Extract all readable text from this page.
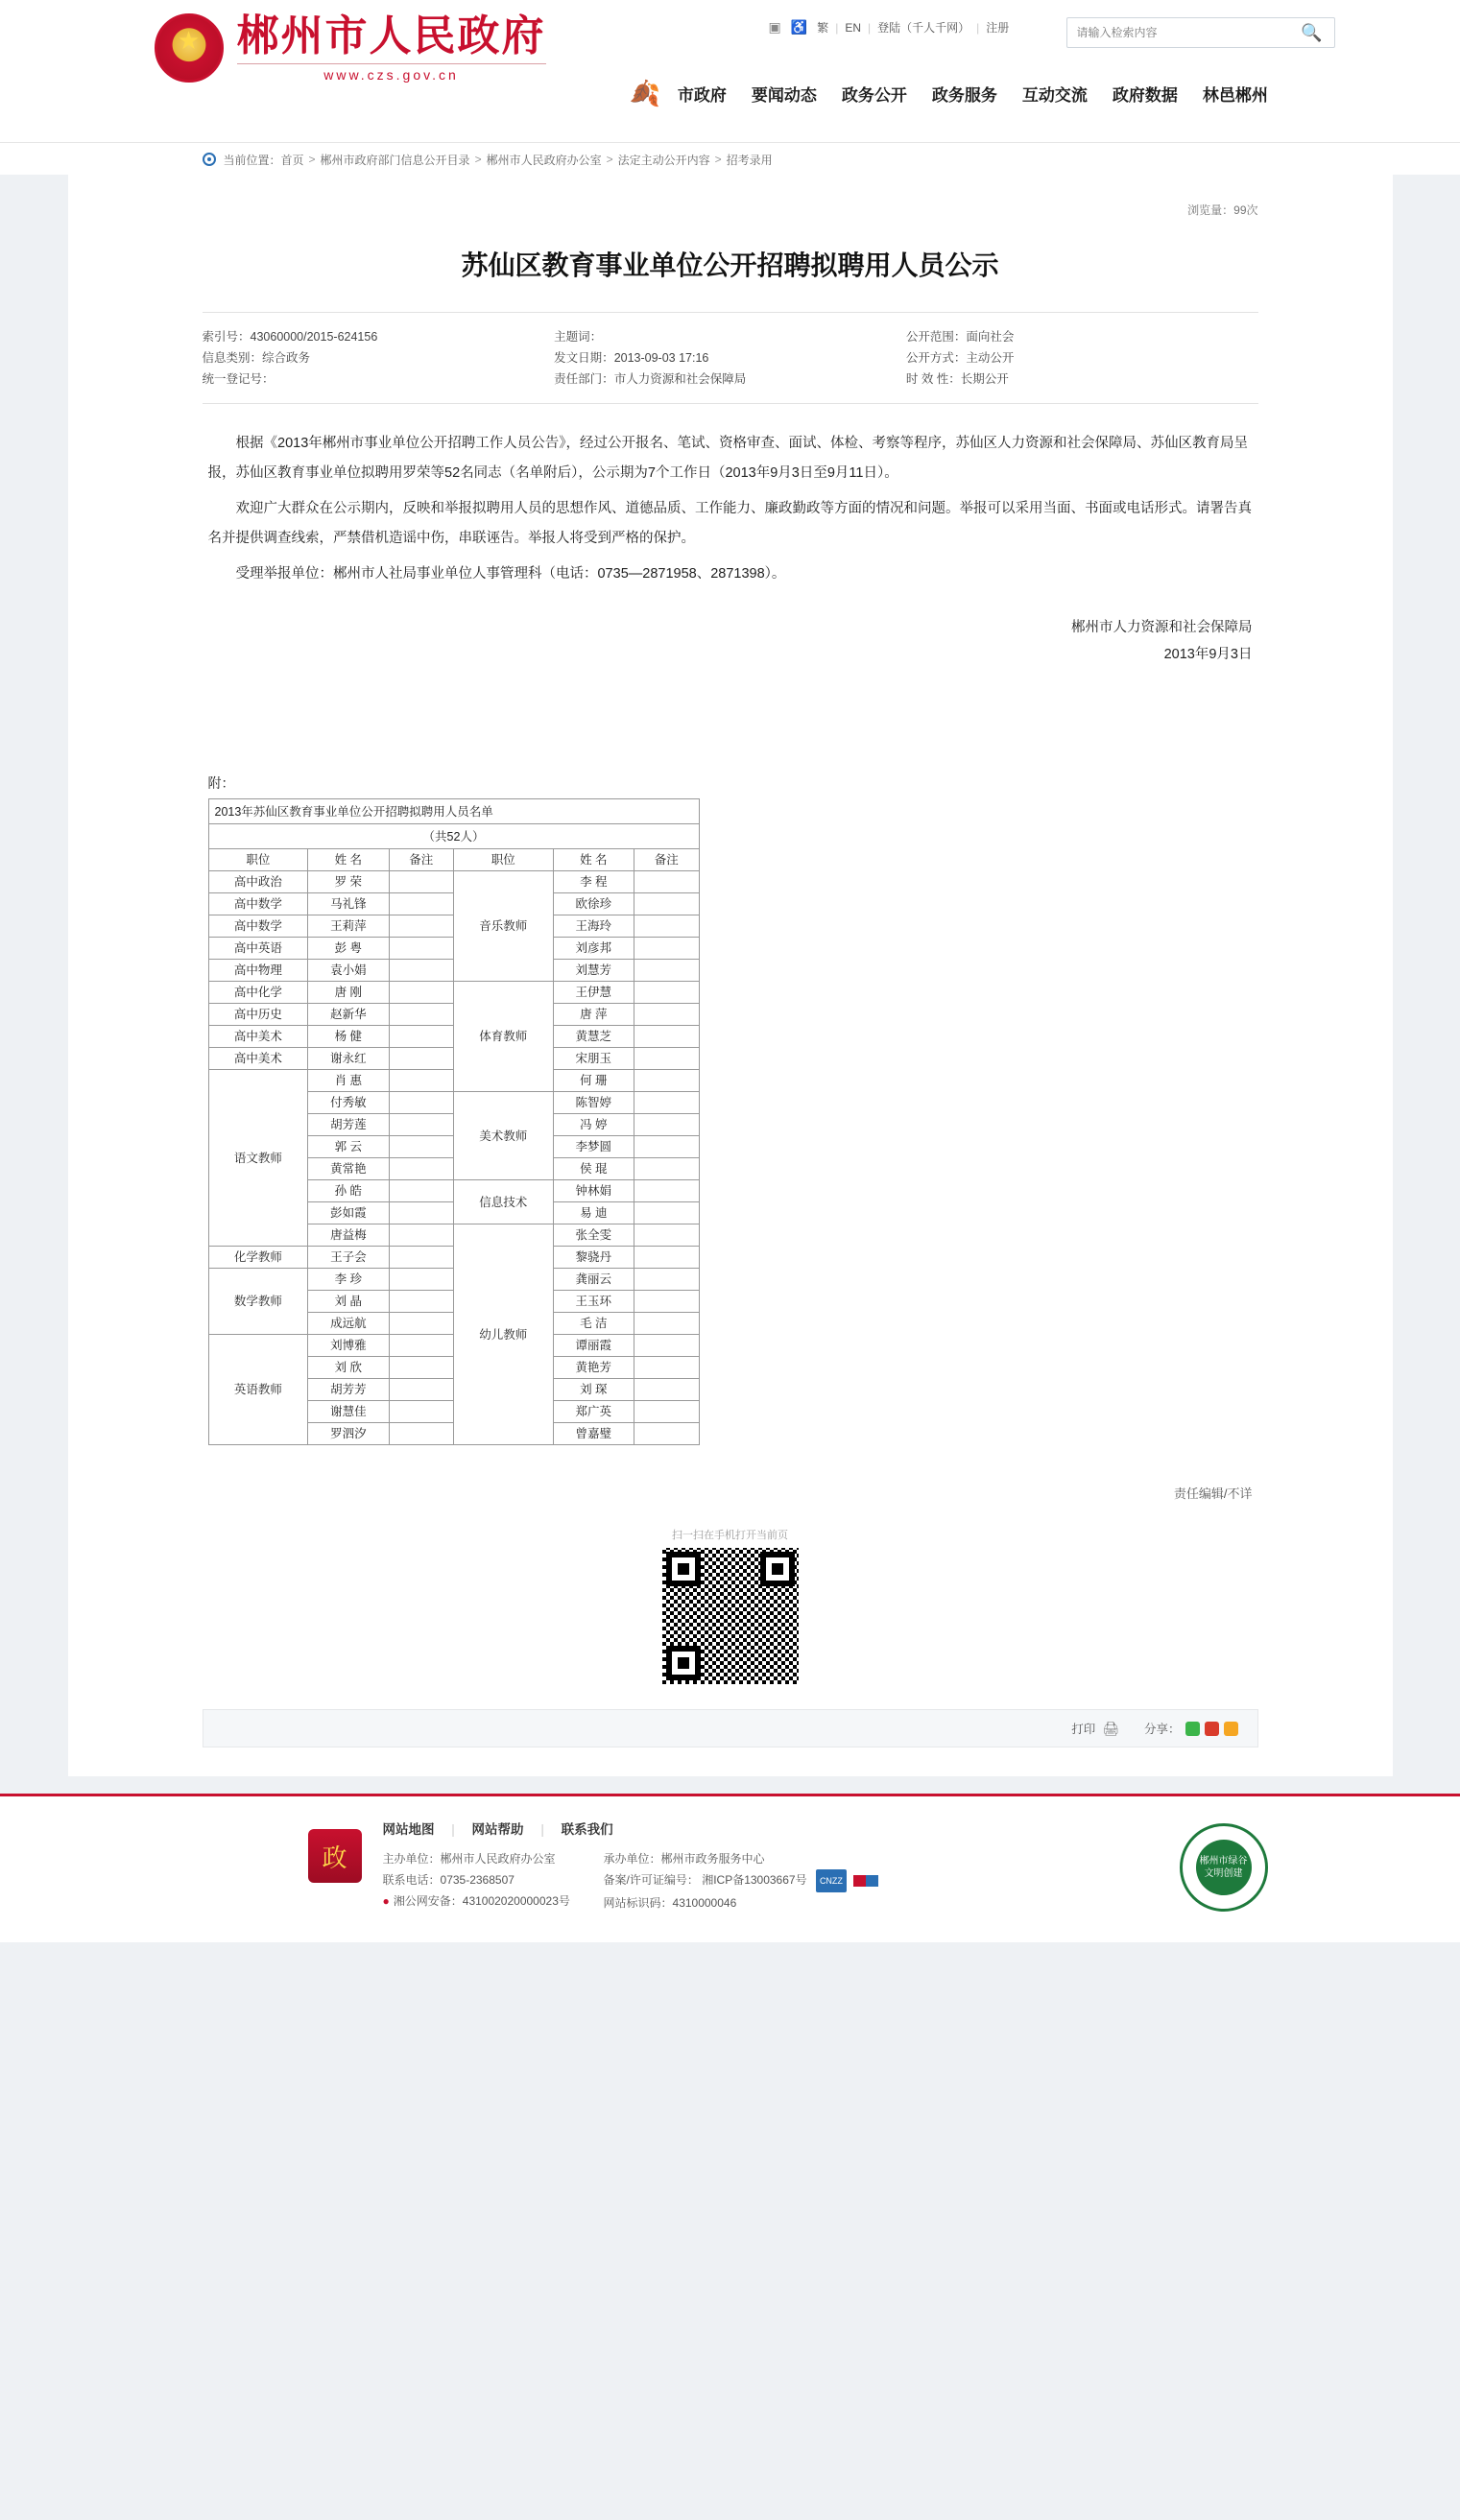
★
郴州市人民政府
www.czs.gov.cn
▣ ♿ 繁 | EN | 登陆（千人千网） | 注册
请输入检索内容	🔍
🍂 市政府 要闻动态 政务公开 政务服务 互动交流 政府数据 林邑郴州
当前位置： 首页 > 郴州市政府部门信息公开目录 > 郴州市人民政府办公室 > 法定主动公开内容 > 招考录用
浏览量：99次
苏仙区教育事业单位公开招聘拟聘用人员公示
索引号：43060000/2015-624156
信息类别：综合政务
统一登记号：
主题词：
发文日期：2013-09-03 17:16
责任部门：市人力资源和社会保障局
公开范围：面向社会
公开方式：主动公开
时 效 性：长期公开

根据《2013年郴州市事业单位公开招聘工作人员公告》，经过公开报名、笔试、资格审查、面试、体检、考察等程序，苏仙区人力资源和社会保障局、苏仙区教育局呈报，苏仙区教育事业单位拟聘用罗荣等52名同志（名单附后），公示期为7个工作日（2013年9月3日至9月11日）。

欢迎广大群众在公示期内，反映和举报拟聘用人员的思想作风、道德品质、工作能力、廉政勤政等方面的情况和问题。举报可以采用当面、书面或电话形式。请署告真名并提供调查线索，严禁借机造谣中伤，串联诬告。举报人将受到严格的保护。

受理举报单位：郴州市人社局事业单位人事管理科（电话：0735—2871958、2871398）。

郴州市人力资源和社会保障局
2013年9月3日
附：
2013年苏仙区教育事业单位公开招聘拟聘用人员名单					
（共52人）					
职位	姓 名	备注	职位	姓 名	备注
高中政治	罗 荣		音乐教师	李 程	
高中数学	马礼锋			欧徐珍	
高中数学	王莉萍			王海玲	
高中英语	彭 粤			刘彦邦	
高中物理	袁小娟			刘慧芳	
高中化学	唐 刚		体育教师	王伊慧	
高中历史	赵新华			唐 萍	
高中美术	杨 健			黄慧芝	
高中美术	谢永红			宋朋玉	
语文教师	肖 惠			何 珊	
	付秀敏		美术教师	陈智婷	
	胡芳莲			冯 婷	
	郭 云			李梦圆	
	黄常艳			侯 琨	
	孙 皓		信息技术	钟林娟	
	彭如霞			易 迪	
	唐益梅		幼儿教师	张全雯	
化学教师	王子会			黎骁丹	
数学教师	李 珍			龚丽云	
	刘 晶			王玉环	
	成远航			毛 洁	
英语教师	刘博雅			谭丽霞	
	刘 欣			黄艳芳	
	胡芳芳			刘 琛	
	谢慧佳			郑广英	
	罗泗汐			曾嘉璧	
责任编辑/不详
扫一扫在手机打开当前页
打印 🖨 分享：
政
网站地图 | 网站帮助 | 联系我们
主办单位：郴州市人民政府办公室
联系电话：0735-2368507
● 湘公网安备：431002020000023号
承办单位：郴州市政务服务中心
备案/许可证编号： 湘ICP备13003667号 CNZZ
网站标识码：4310000046
郴州市绿谷文明创建
